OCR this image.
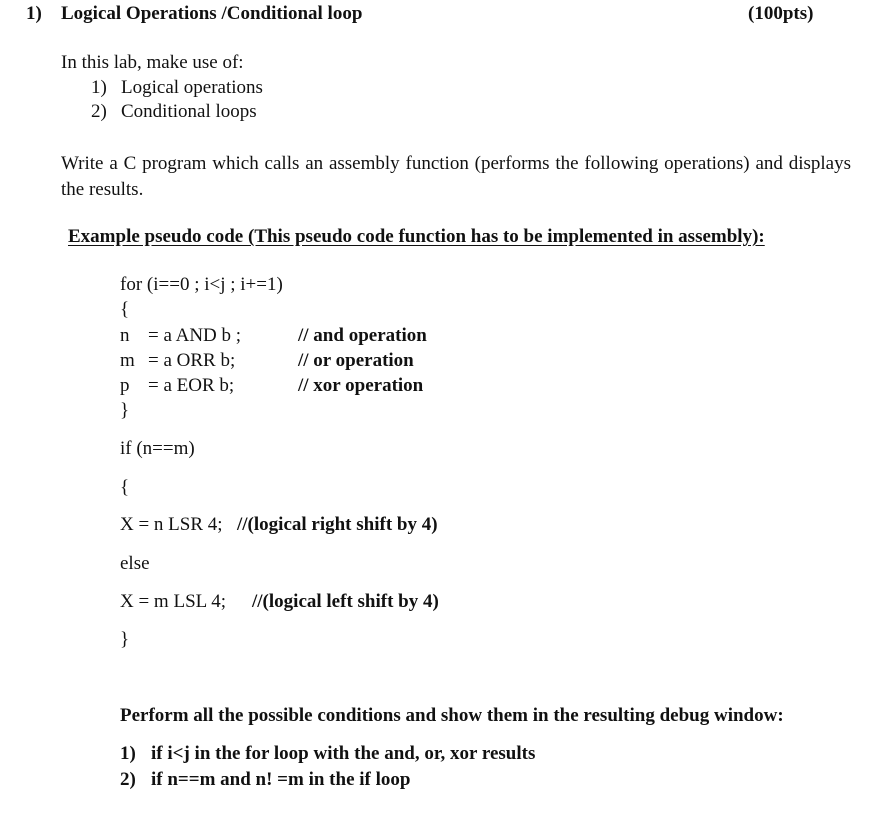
1) Logical Operations /Conditional loop	(100pts)
In this lab, make use of:
1) Logical operations
2) Conditional loops
Write a C program which calls an assembly function (performs the following operations) and displays the results.
Example pseudo code (This pseudo code function has to be implemented in assembly):
for (i==0 ; i<j ; i+=1)
{
n = a AND b ;	// and operation
m = a ORR b;	// or operation
p = a EOR b;	// xor operation
}
if (n==m)
{
X = n LSR 4; //(logical right shift by 4)
else
X = m LSL 4; //(logical left shift by 4)
}
Perform all the possible conditions and show them in the resulting debug window:
1) if i<j in the for loop with the and, or, xor results
2) if n==m and n! =m in the if loop
